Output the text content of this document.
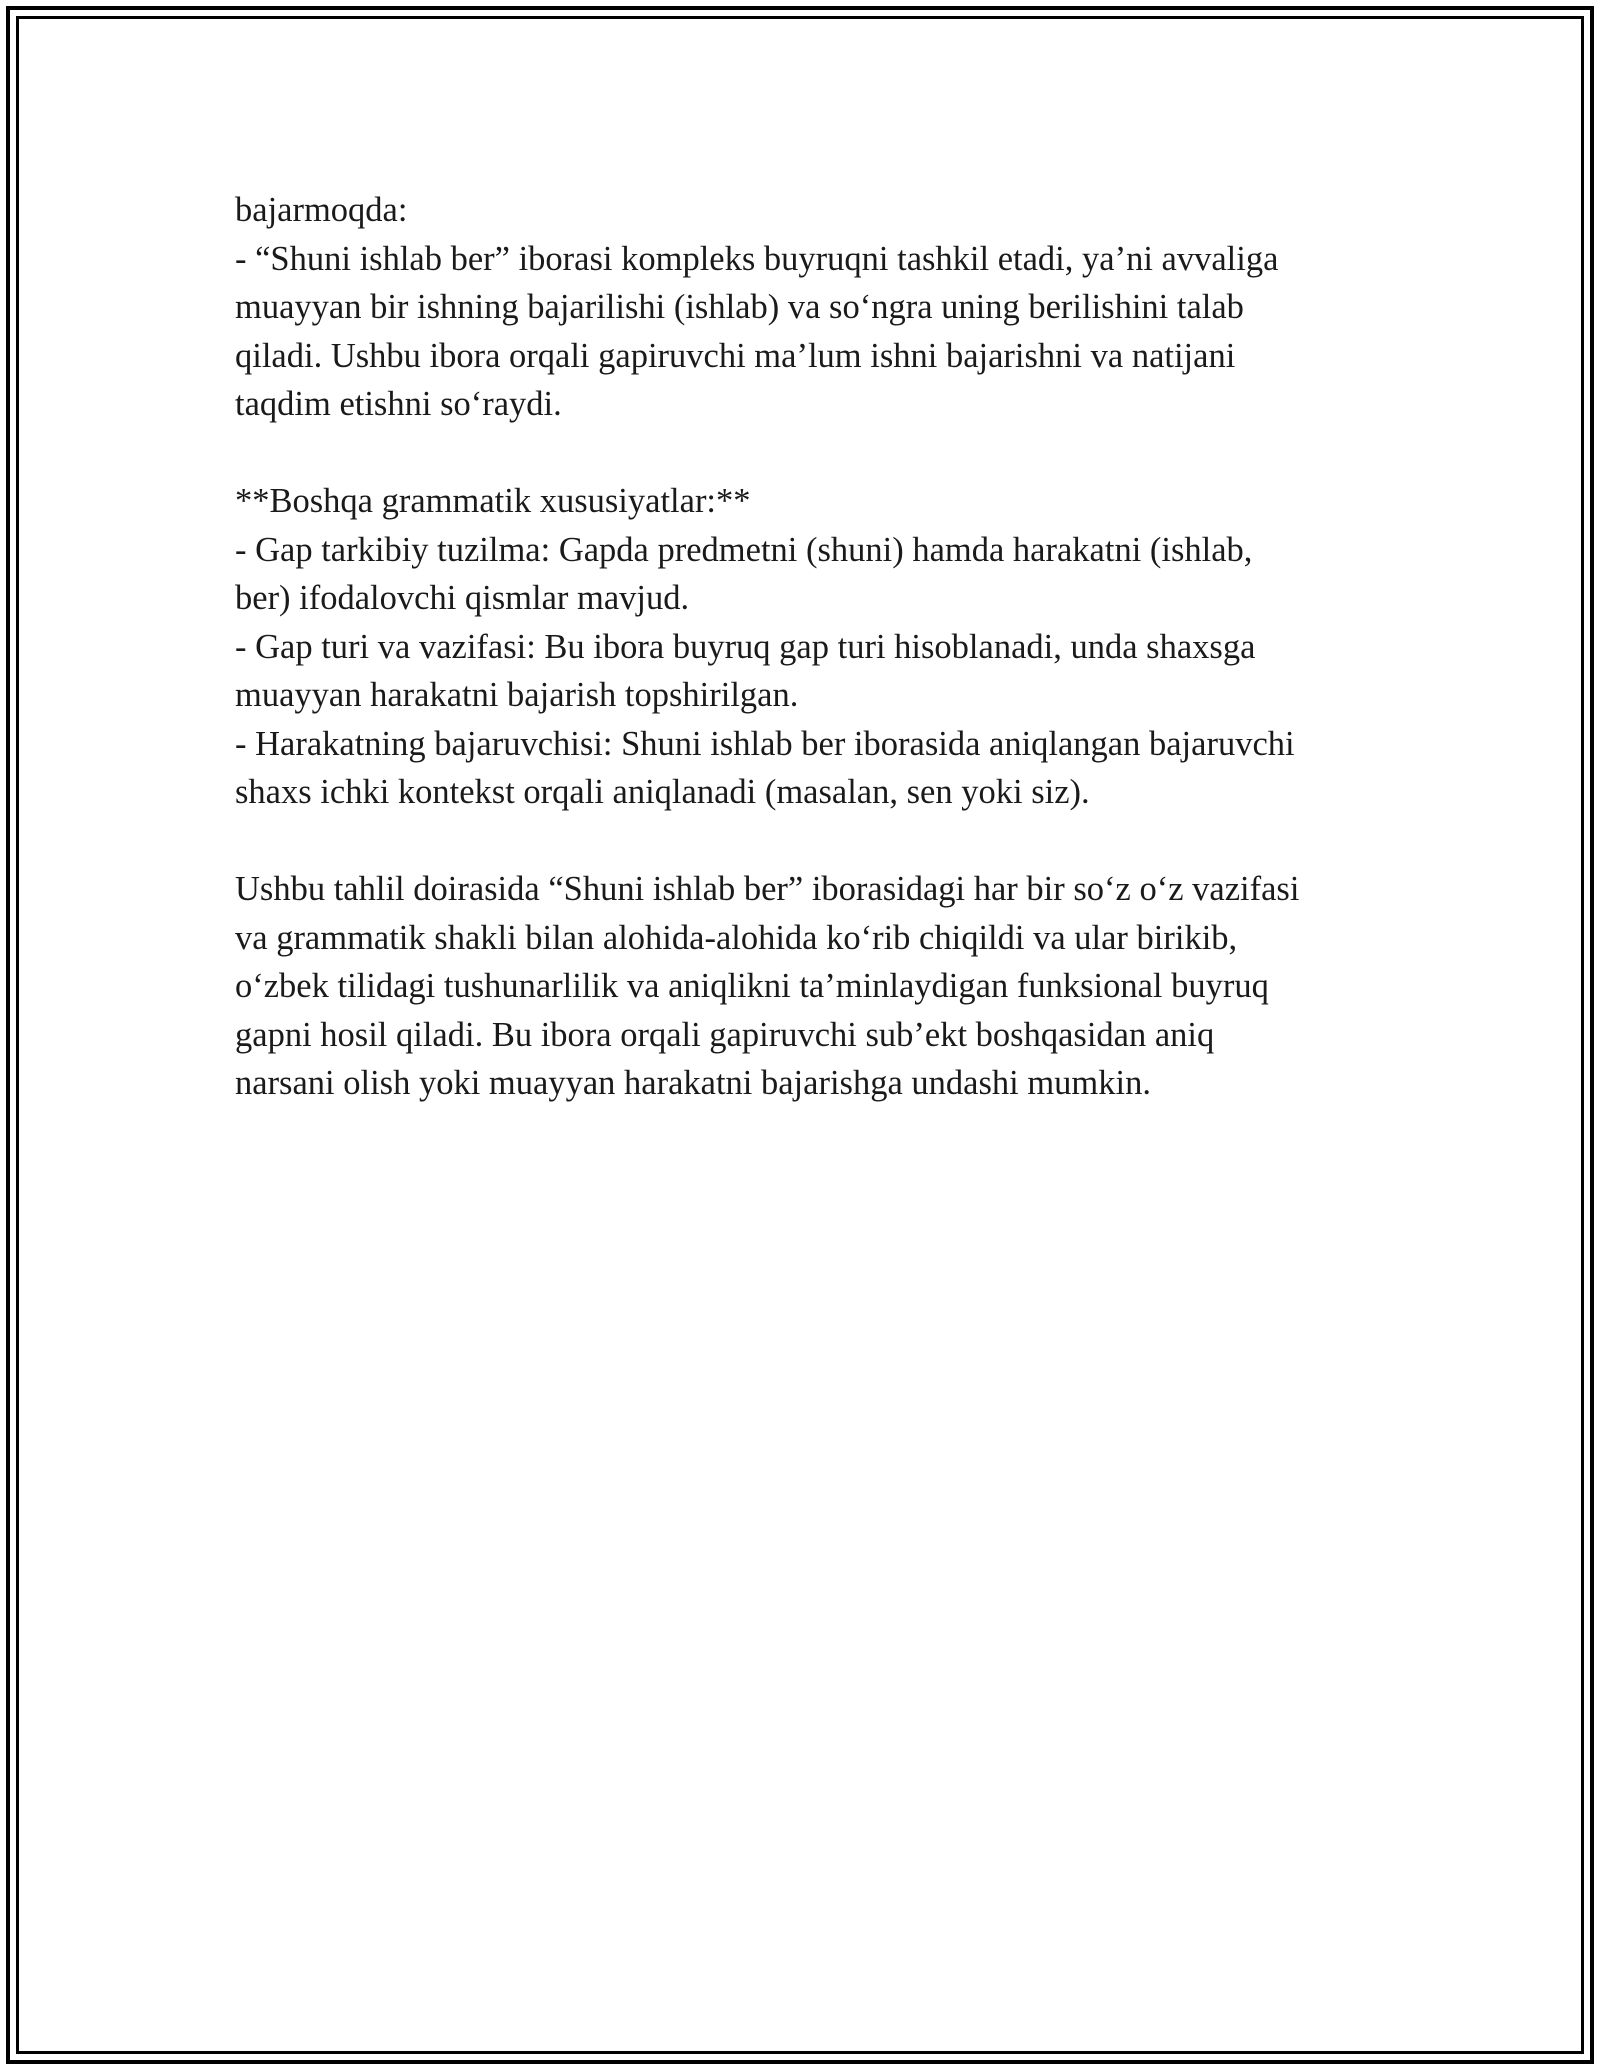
bajarmoqda:
- “Shuni ishlab ber” iborasi kompleks buyruqni tashkil etadi, ya’ni avvaliga
muayyan bir ishning bajarilishi (ishlab) va so‘ngra uning berilishini talab
qiladi. Ushbu ibora orqali gapiruvchi ma’lum ishni bajarishni va natijani
taqdim etishni so‘raydi.
**Boshqa grammatik xususiyatlar:**
- Gap tarkibiy tuzilma: Gapda predmetni (shuni) hamda harakatni (ishlab,
ber) ifodalovchi qismlar mavjud.
- Gap turi va vazifasi: Bu ibora buyruq gap turi hisoblanadi, unda shaxsga
muayyan harakatni bajarish topshirilgan.
- Harakatning bajaruvchisi: Shuni ishlab ber iborasida aniqlangan bajaruvchi
shaxs ichki kontekst orqali aniqlanadi (masalan, sen yoki siz).
Ushbu tahlil doirasida “Shuni ishlab ber” iborasidagi har bir so‘z o‘z vazifasi
va grammatik shakli bilan alohida-alohida ko‘rib chiqildi va ular birikib,
o‘zbek tilidagi tushunarlilik va aniqlikni ta’minlaydigan funksional buyruq
gapni hosil qiladi. Bu ibora orqali gapiruvchi sub’ekt boshqasidan aniq
narsani olish yoki muayyan harakatni bajarishga undashi mumkin.
